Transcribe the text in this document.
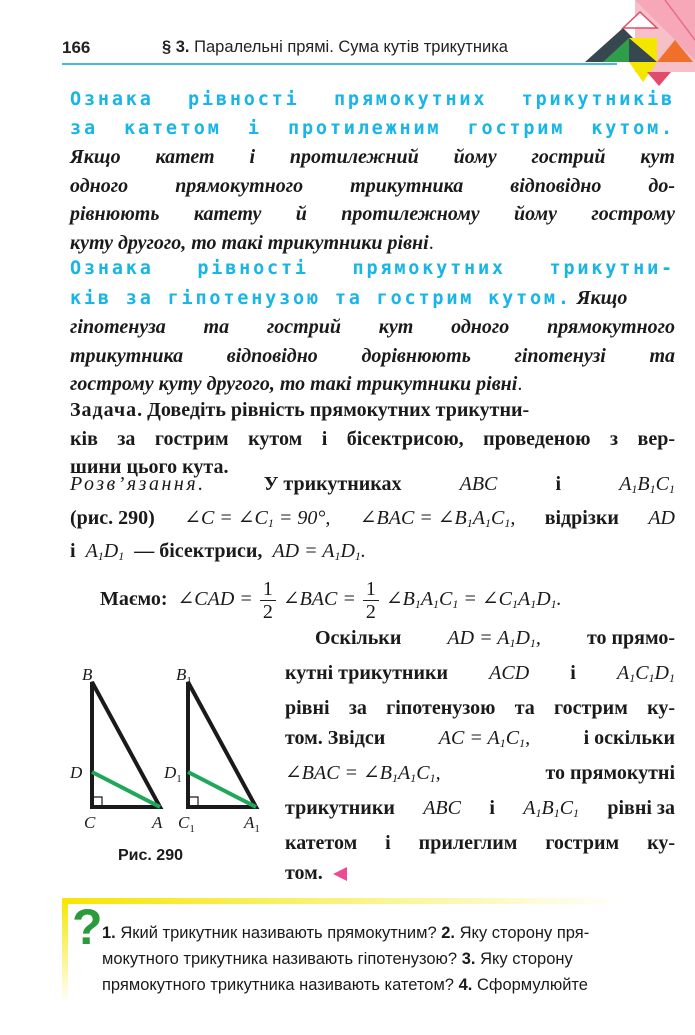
166	§ 3. Паралельні прямі. Сума кутів трикутника
Ознака рівності прямокутних трикутників
за катетом і протилежним гострим кутом.
Якщо катет і протилежний йому гострий кут
одного прямокутного трикутника відповідно до-
рівнюють катету й протилежному йому гострому
куту другого, то такі трикутники рівні.
Ознака рівності прямокутних трикутни-
ків за гіпотенузою та гострим кутом. Якщо
гіпотенуза та гострий кут одного прямокутного
трикутника відповідно дорівнюють гіпотенузі та
гострому куту другого, то такі трикутники рівні.
Задача. Доведіть рівність прямокутних трикутни-
ків за гострим кутом і бісектрисою, проведеною з вер-
шини цього кута.
Розв’язання.	У трикутниках	ABC	і	$A_1B_1C_1$
(рис. 290) ∠C = $\angle C_1 = 90^\circ$, ∠BAC = $\angle B_1A_1C_1$, відрізки AD
і $A_1D_1$ — бісектриси, AD = $A_1D_1$.
Маємо: ∠CAD = $\frac{1}{2}$ ∠BAC = $\frac{1}{2}$ $\angle B_1A_1C_1$ = $\angle C_1A_1D_1$.
Оскільки AD = $A_1D_1$, то прямо-
кутні трикутники ACD і $A_1C_1D_1$
рівні за гіпотенузою та гострим ку-
том. Звідси	AC = $A_1C_1$,	і оскільки
∠BAC = $\angle B_1A_1C_1$,	то прямокутні
трикутники ABC і $A_1B_1C_1$ рівні за
катетом і прилеглим гострим ку-
том.
B
D
C	A
$B_1$
$D_1$
$C_1$	$A_1$
Рис. 290
? 1. Який трикутник називають прямокутним? 2. Яку сторону пря-
мокутного трикутника називають гіпотенузою? 3. Яку сторону
прямокутного трикутника називають катетом? 4. Сформулюйте
